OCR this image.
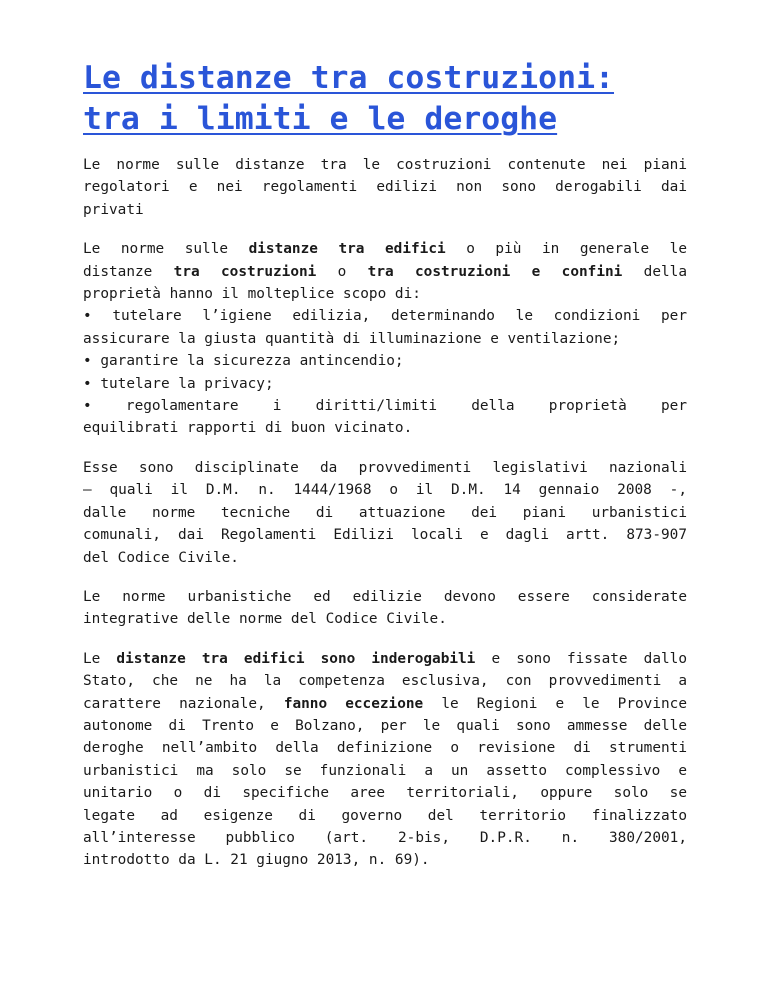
Le distanze tra costruzioni:
tra i limiti e le deroghe

Le norme sulle distanze tra le costruzioni contenute nei piani
regolatori e nei regolamenti edilizi non sono derogabili dai
privati

Le norme sulle distanze tra edifici o più in generale le
distanze tra costruzioni o tra costruzioni e confini della
proprietà hanno il molteplice scopo di:
• tutelare l’igiene edilizia, determinando le condizioni per
assicurare la giusta quantità di illuminazione e ventilazione;
• garantire la sicurezza antincendio;
• tutelare la privacy;
• regolamentare i diritti/limiti della proprietà per
equilibrati rapporti di buon vicinato.

Esse sono disciplinate da provvedimenti legislativi nazionali
– quali il D.M. n. 1444/1968 o il D.M. 14 gennaio 2008 -,
dalle norme tecniche di attuazione dei piani urbanistici
comunali, dai Regolamenti Edilizi locali e dagli artt. 873-907
del Codice Civile.

Le norme urbanistiche ed edilizie devono essere considerate
integrative delle norme del Codice Civile.

Le distanze tra edifici sono inderogabili e sono fissate dallo
Stato, che ne ha la competenza esclusiva, con provvedimenti a
carattere nazionale, fanno eccezione le Regioni e le Province
autonome di Trento e Bolzano, per le quali sono ammesse delle
deroghe nell’ambito della definizione o revisione di strumenti
urbanistici ma solo se funzionali a un assetto complessivo e
unitario o di specifiche aree territoriali, oppure solo se
legate ad esigenze di governo del territorio finalizzato
all’interesse pubblico (art. 2-bis, D.P.R. n. 380/2001,
introdotto da L. 21 giugno 2013, n. 69).
